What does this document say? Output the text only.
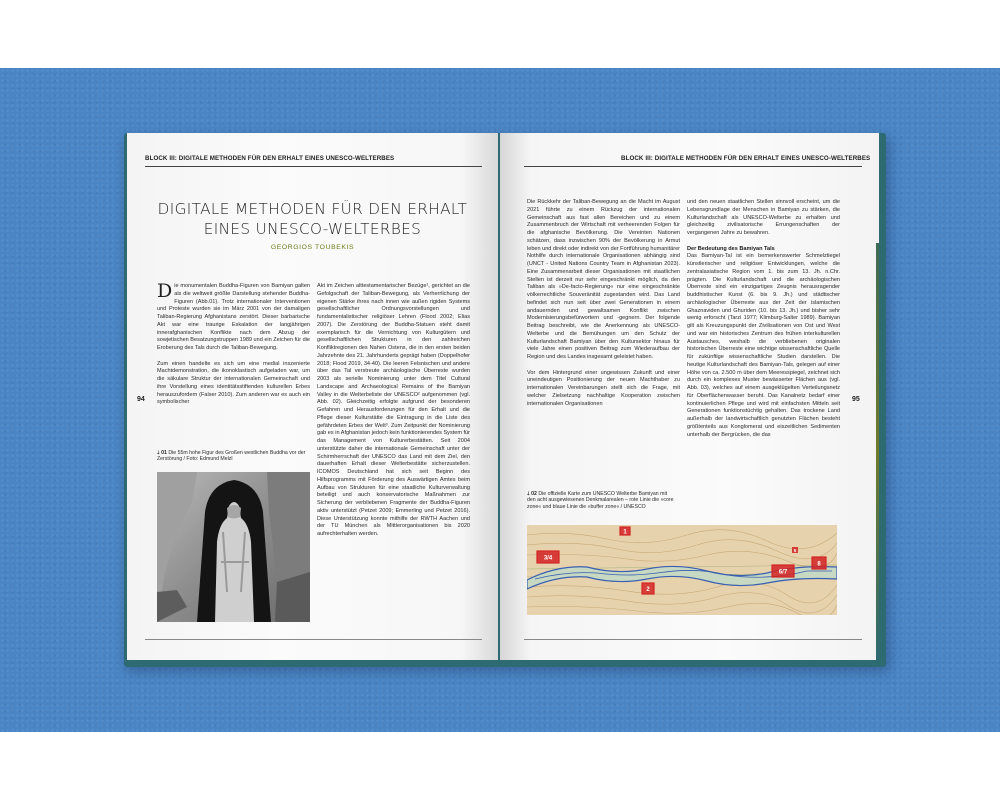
BLOCK III: DIGITALE METHODEN FÜR DEN ERHALT EINES UNESCO-WELTERBES
DIGITALE METHODEN FÜR DEN ERHALT
EINES UNESCO-WELTERBES
GEORGIOS TOUBEKIS

Die monumentalen Buddha-Figuren von Bamiyan galten als die weltweit größte Darstellung stehender Buddha-Figuren (Abb.01). Trotz internationaler Interventionen und Proteste wurden sie im März 2001 von der damaligen Taliban-Regierung Afghanistans zerstört. Dieser barbarische Akt war eine traurige Eskalation der langjährigen innerafghanischen Konflikte nach dem Abzug der sowjetischen Besatzungstruppen 1989 und ein Zeichen für die Eroberung des Tals durch die Taliban-Bewegung.

Zum einen handelte es sich um eine medial inszenierte Machtdemonstration, die ikonoklastisch aufgeladen war, um die säkulare Struktur der internationalen Gemeinschaft und ihre Vorstellung eines identitätsstiftenden kulturellen Erbes herauszufordern (Falser 2010). Zum anderen war es auch ein symbolischer

🡓 01 Die 55m hohe Figur des Großen westlichen Buddha vor der Zerstörung / Foto: Edmund Melzl

Akt im Zeichen alttestamentarischer Bezüge¹, gerichtet an die Gefolgschaft der Taliban-Bewegung, als Verherrlichung der eigenen Stärke ihres nach innen wie außen rigiden Systems gesellschaftlicher Ordnungsvorstellungen und fundamentalistischer religiöser Lehren (Flood 2002; Elias 2007). Die Zerstörung der Buddha-Statuen steht damit exemplarisch für die Vernichtung von Kulturgütern und gesellschaftlichen Strukturen in den zahlreichen Konfliktregionen des Nahen Ostens, die in den ersten beiden Jahrzehnte des 21. Jahrhunderts geprägt haben (Doppelhofer 2018; Flood 2019, 34-40). Die leeren Felsnischen und andere über das Tal verstreute archäologische Überreste wurden 2003 als serielle Nominierung unter dem Titel Cultural Landscape and Archaeological Remains of the Bamiyan Valley in die Welterbeliste der UNESCO² aufgenommen (vgl. Abb. 02). Gleichzeitig erfolgte aufgrund der besonderen Gefahren und Herausforderungen für den Erhalt und die Pflege dieser Kulturstätte die Eintragung in die Liste des gefährdeten Erbes der Welt³. Zum Zeitpunkt der Nominierung gab es in Afghanistan jedoch kein funktionierendes System für das Management von Kulturerbestätten. Seit 2004 unterstützte daher die internationale Gemeinschaft unter der Schirmherrschaft der UNESCO das Land mit dem Ziel, den dauerhaften Erhalt dieser Welterbestätte sicherzustellen. ICOMOS Deutschland hat sich seit Beginn des Hilfsprogramms mit Förderung des Auswärtigen Amtes beim Aufbau von Strukturen für eine staatliche Kulturverwaltung beteiligt und auch konservatorische Maßnahmen zur Sicherung der verbliebenen Fragmente der Buddha-Figuren aktiv unterstützt (Petzet 2009; Emmerling und Petzet 2016). Diese Unterstützung konnte mithilfe der RWTH Aachen und der TU München als Mittlerorganisationen bis 2020 aufrechterhalten werden.

94
BLOCK III: DIGITALE METHODEN FÜR DEN ERHALT EINES UNESCO-WELTERBES

Die Rückkehr der Taliban-Bewegung an die Macht im August 2021 führte zu einem Rückzug der internationalen Gemeinschaft aus fast allen Bereichen und zu einem Zusammenbruch der Wirtschaft mit verheerenden Folgen für die afghanische Bevölkerung. Die Vereinten Nationen schätzen, dass inzwischen 90% der Bevölkerung in Armut leben und direkt oder indirekt von der Fortführung humanitärer Nothilfe durch internationale Organisationen abhängig sind (UNCT - United Nations Country Team in Afghanistan 2023). Eine Zusammenarbeit dieser Organisationen mit staatlichen Stellen ist derzeit nur sehr eingeschränkt möglich, da den Taliban als »De-facto-Regierung« nur eine eingeschränkte völkerrechtliche Souveränität zugestanden wird. Das Land befindet sich nun seit über zwei Generationen in einem andauernden und gewaltsamen Konflikt zwischen Modernisierungsbefürwortern und -gegnern. Der folgende Beitrag beschreibt, wie die Anerkennung als UNESCO-Welterbe und die Bemühungen um den Schutz der Kulturlandschaft Bamiyan über den Kultursektor hinaus für viele Jahre einen positiven Beitrag zum Wiederaufbau der Region und des Landes insgesamt geleistet haben.

Vor dem Hintergrund einer ungewissen Zukunft und einer uneindeutigen Positionierung der neuen Machthaber zu internationalen Vereinbarungen stellt sich die Frage, mit welcher Zielsetzung nachhaltige Kooperation zwischen internationalen Organisationen

🡓 02 Die offizielle Karte zum UNESCO Welterbe Bamiyan mit den acht ausgewiesenen Denkmalarealen – rote Linie die »core zone« und blaue Linie die »buffer zone« / UNESCO
1
3/4
2
6/7
8
5

und den neuen staatlichen Stellen sinnvoll erscheint, um die Lebensgrundlage der Menschen in Bamiyan zu stärken, die Kulturlandschaft als UNESCO-Welterbe zu erhalten und gleichzeitig zivilisatorische Errungenschaften der vergangenen Jahre zu bewahren.

Der Bedeutung des Bamiyan Tals

Das Bamiyan-Tal ist ein bemerkenswerter Schmelztiegel künstlerischer und religiöser Entwicklungen, welche die zentralasiatische Region vom 1. bis zum 13. Jh. n.Chr. prägten. Die Kulturlandschaft und die archäologischen Überreste sind ein einzigartiges Zeugnis herausragender buddhistischer Kunst (6. bis 9. Jh.) und städtischer archäologischer Überreste aus der Zeit der islamischen Ghaznaviden und Ghuriden (10. bis 13. Jh.) und bisher sehr wenig erforscht (Tarzi 1977; Klimburg-Salter 1989). Bamiyan gilt als Kreuzungspunkt der Zivilisationen von Ost und West und war ein historisches Zentrum des frühen interkulturellen Austausches, weshalb die verbliebenen originalen historischen Überreste eine wichtige wissenschaftliche Quelle für zukünftige wissenschaftliche Studien darstellen. Die heutige Kulturlandschaft des Bamiyan-Tals, gelegen auf einer Höhe von ca. 2.500 m über dem Meeresspiegel, zeichnet sich durch ein komplexes Muster bewässerter Flächen aus (vgl. Abb. 03), welches auf einem ausgeklügelten Verteilungsnetz für Oberflächenwasser beruht. Das Kanalnetz bedarf einer kontinuierlichen Pflege und wird mit einfachsten Mitteln seit Generationen funktionstüchtig gehalten. Das trockene Land außerhalb der landwirtschaftlich genutzten Flächen besteht größtenteils aus Konglomerat und eiszeitlichen Sedimenten unterhalb der Bergrücken, die das

95
